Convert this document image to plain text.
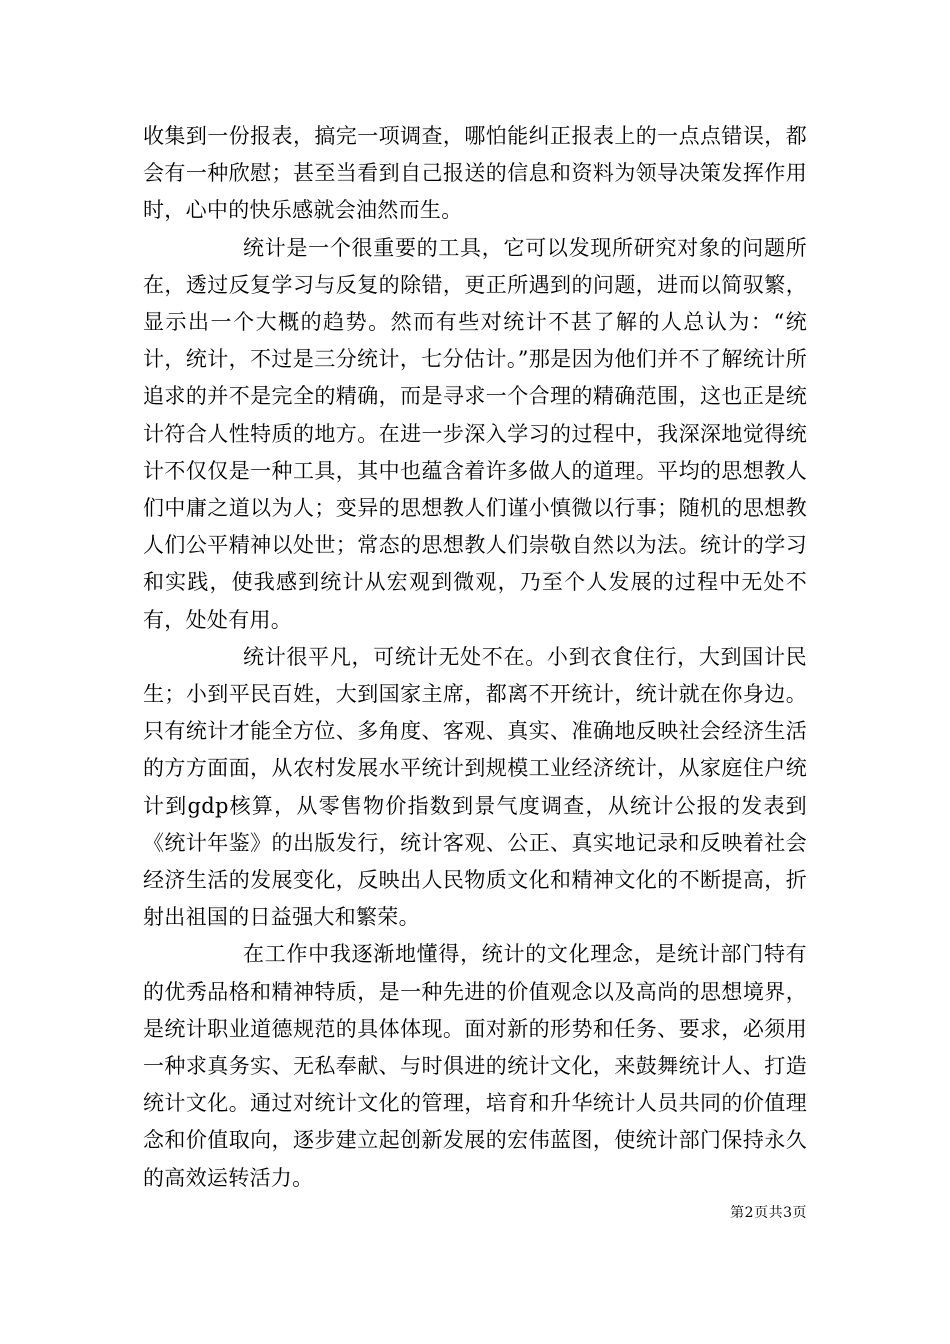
收集到一份报表，搞完一项调查，哪怕能纠正报表上的一点点错误，都会有一种欣慰；甚至当看到自己报送的信息和资料为领导决策发挥作用时，心中的快乐感就会油然而生。

统计是一个很重要的工具，它可以发现所研究对象的问题所在，透过反复学习与反复的除错，更正所遇到的问题，进而以简驭繁，显示出一个大概的趋势。然而有些对统计不甚了解的人总认为：“统计，统计，不过是三分统计，七分估计。”那是因为他们并不了解统计所追求的并不是完全的精确，而是寻求一个合理的精确范围，这也正是统计符合人性特质的地方。在进一步深入学习的过程中，我深深地觉得统计不仅仅是一种工具，其中也蕴含着许多做人的道理。平均的思想教人们中庸之道以为人；变异的思想教人们谨小慎微以行事；随机的思想教人们公平精神以处世；常态的思想教人们崇敬自然以为法。统计的学习和实践，使我感到统计从宏观到微观，乃至个人发展的过程中无处不有，处处有用。

统计很平凡，可统计无处不在。小到衣食住行，大到国计民生；小到平民百姓，大到国家主席，都离不开统计，统计就在你身边。只有统计才能全方位、多角度、客观、真实、准确地反映社会经济生活的方方面面，从农村发展水平统计到规模工业经济统计，从家庭住户统计到gdp核算，从零售物价指数到景气度调查，从统计公报的发表到《统计年鉴》的出版发行，统计客观、公正、真实地记录和反映着社会经济生活的发展变化，反映出人民物质文化和精神文化的不断提高，折射出祖国的日益强大和繁荣。

在工作中我逐渐地懂得，统计的文化理念，是统计部门特有的优秀品格和精神特质，是一种先进的价值观念以及高尚的思想境界，是统计职业道德规范的具体体现。面对新的形势和任务、要求，必须用一种求真务实、无私奉献、与时俱进的统计文化，来鼓舞统计人、打造统计文化。通过对统计文化的管理，培育和升华统计人员共同的价值理念和价值取向，逐步建立起创新发展的宏伟蓝图，使统计部门保持永久的高效运转活力。

第2页共3页
